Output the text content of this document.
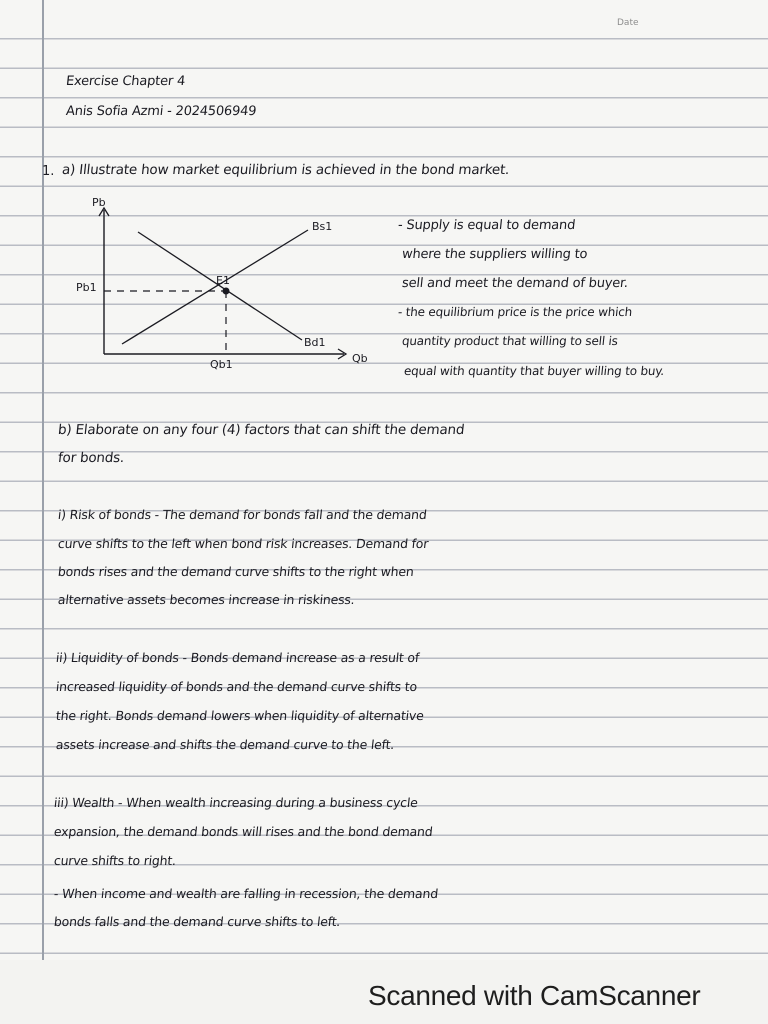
Date
Exercise Chapter 4
Anis Sofia Azmi - 2024506949
1. a) Illustrate how market equilibrium is achieved in the bond market.
Pb
Qb
Bs1
Bd1
E1
Pb1
Qb1
- Supply is equal to demand
where the suppliers willing to
sell and meet the demand of buyer.
- the equilibrium price is the price which
quantity product that willing to sell is
equal with quantity that buyer willing to buy.
b) Elaborate on any four (4) factors that can shift the demand
for bonds.
i) Risk of bonds - The demand for bonds fall and the demand
curve shifts to the left when bond risk increases. Demand for
bonds rises and the demand curve shifts to the right when
alternative assets becomes increase in riskiness.
ii) Liquidity of bonds - Bonds demand increase as a result of
increased liquidity of bonds and the demand curve shifts to
the right. Bonds demand lowers when liquidity of alternative
assets increase and shifts the demand curve to the left.
iii) Wealth - When wealth increasing during a business cycle
expansion, the demand bonds will rises and the bond demand
curve shifts to right.
- When income and wealth are falling in recession, the demand
bonds falls and the demand curve shifts to left.
Scanned with CamScanner
